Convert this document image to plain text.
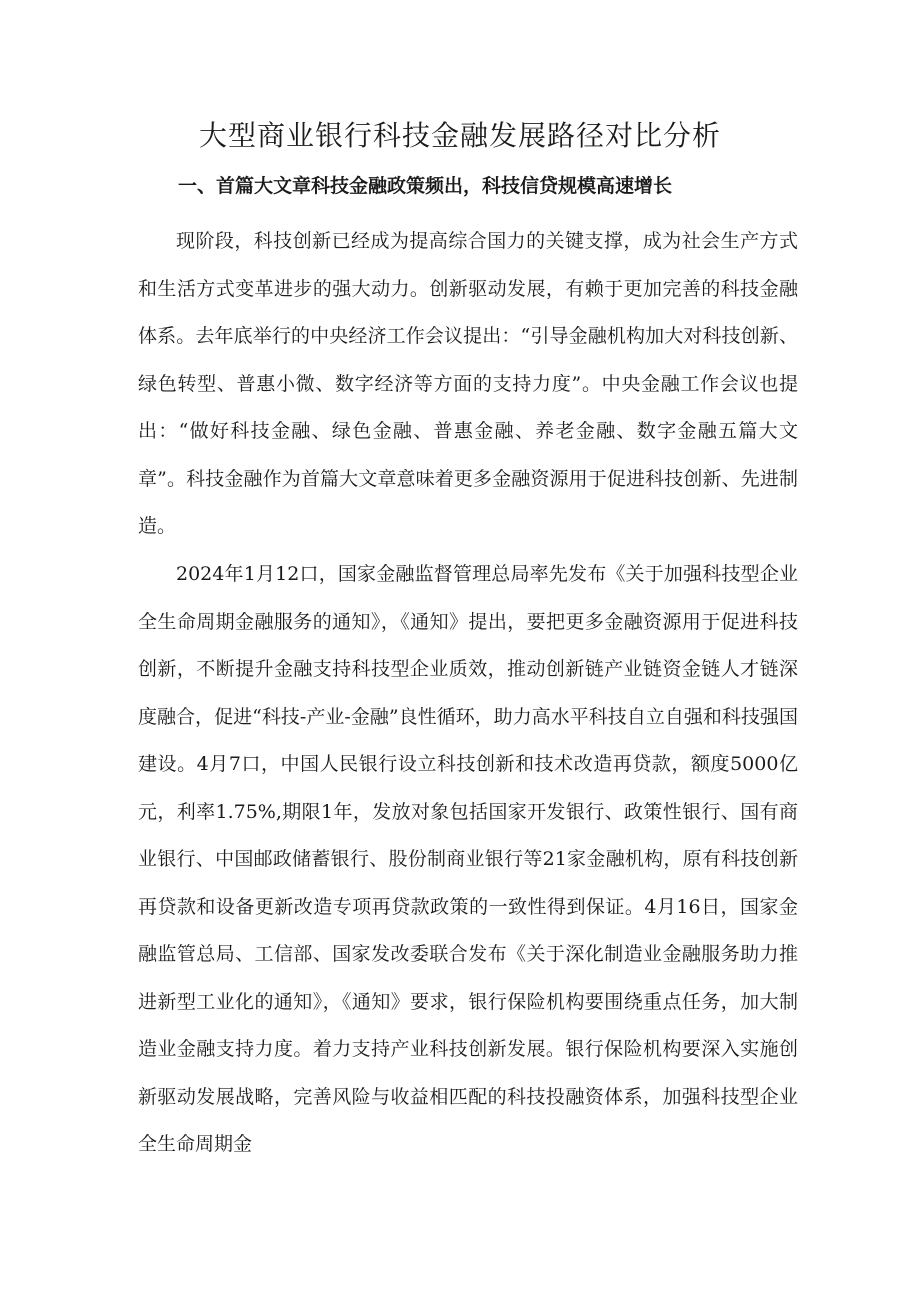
大型商业银行科技金融发展路径对比分析
一、首篇大文章科技金融政策频出，科技信贷规模高速增长

现阶段，科技创新已经成为提高综合国力的关键支撑，成为社会生产方式和生活方式变革进步的强大动力。创新驱动发展，有赖于更加完善的科技金融体系。去年底举行的中央经济工作会议提出：“引导金融机构加大对科技创新、绿色转型、普惠小微、数字经济等方面的支持力度”。中央金融工作会议也提出：“做好科技金融、绿色金融、普惠金融、养老金融、数字金融五篇大文章”。科技金融作为首篇大文章意味着更多金融资源用于促进科技创新、先进制造。

2024年1月12口，国家金融监督管理总局率先发布《关于加强科技型企业全生命周期金融服务的通知》，《通知》提出，要把更多金融资源用于促进科技创新，不断提升金融支持科技型企业质效，推动创新链产业链资金链人才链深度融合，促进“科技-产业-金融”良性循环，助力高水平科技自立自强和科技强国建设。4月7口，中国人民银行设立科技创新和技术改造再贷款，额度5000亿元，利率1.75%,期限1年，发放对象包括国家开发银行、政策性银行、国有商业银行、中国邮政储蓄银行、股份制商业银行等21家金融机构，原有科技创新再贷款和设备更新改造专项再贷款政策的一致性得到保证。4月16日，国家金融监管总局、工信部、国家发改委联合发布《关于深化制造业金融服务助力推进新型工业化的通知》，《通知》要求，银行保险机构要围绕重点任务，加大制造业金融支持力度。着力支持产业科技创新发展。银行保险机构要深入实施创新驱动发展战略，完善风险与收益相匹配的科技投融资体系，加强科技型企业全生命周期金
